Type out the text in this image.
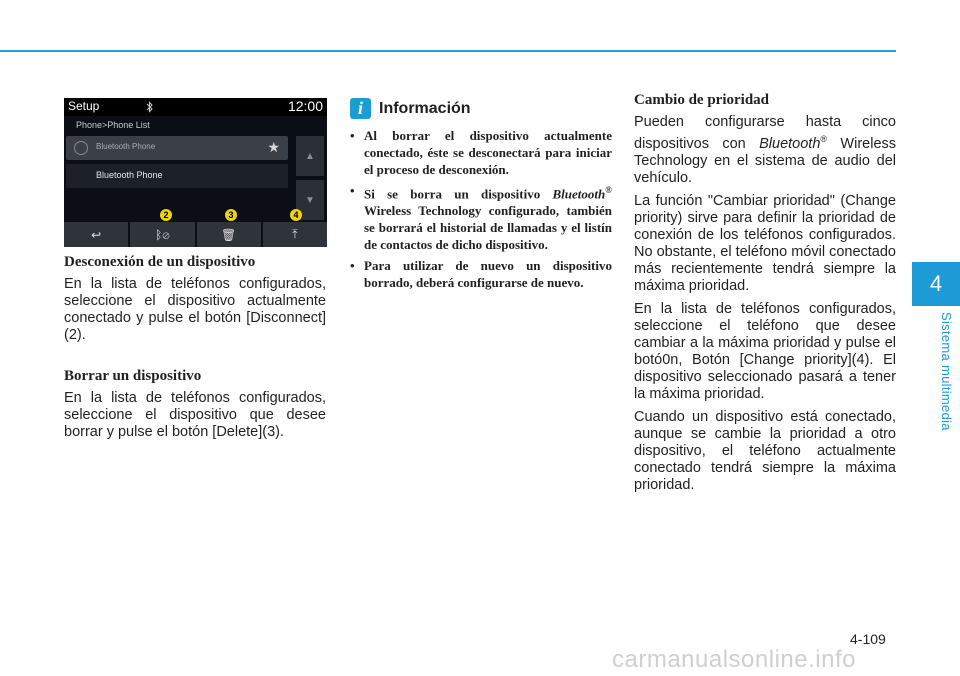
4
Sistema multimedia
Setup	12:00
Phone>Phone List
Bluetooth Phone	★
Bluetooth Phone
▲
▼
↩	ᛒ⊘	🗑	⤒
2	3	4
Desconexión de un dispositivo

En la lista de teléfonos configurados, seleccione el dispositivo actualmente conectado y pulse el botón [Disconnect](2).

Borrar un dispositivo

En la lista de teléfonos configurados, seleccione el dispositivo que desee borrar y pulse el botón [Delete](3).

i	Información
• Al borrar el dispositivo actualmente conectado, éste se desconectará para iniciar el proceso de desconexión.
• Si se borra un dispositivo Bluetooth® Wireless Technology configurado, también se borrará el historial de llamadas y el listín de contactos de dicho dispositivo.
• Para utilizar de nuevo un dispositivo borrado, deberá configurarse de nuevo.
Cambio de prioridad

Pueden configurarse hasta cinco dispositivos con Bluetooth® Wireless Technology en el sistema de audio del vehículo.

La función "Cambiar prioridad" (Change priority) sirve para definir la prioridad de conexión de los teléfonos configurados. No obstante, el teléfono móvil conectado más recientemente tendrá siempre la máxima prioridad.

En la lista de teléfonos configurados, seleccione el teléfono que desee cambiar a la máxima prioridad y pulse el botó0n, Botón [Change priority](4). El dispositivo seleccionado pasará a tener la máxima prioridad.

Cuando un dispositivo está conectado, aunque se cambie la prioridad a otro dispositivo, el teléfono actualmente conectado tendrá siempre la máxima prioridad.

4-109
carmanualsonline.info
